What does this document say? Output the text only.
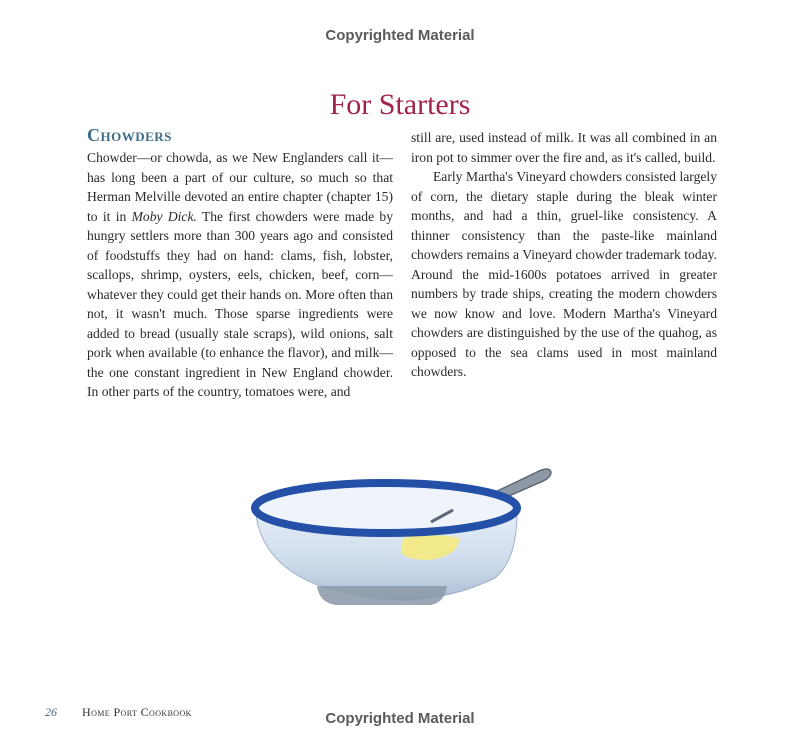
Copyrighted Material
For Starters
Chowders

Chowder—or chowda, as we New Englanders call it—has long been a part of our culture, so much so that Herman Melville devoted an entire chapter (chapter 15) to it in Moby Dick. The first chowders were made by hungry settlers more than 300 years ago and consisted of foodstuffs they had on hand: clams, fish, lobster, scallops, shrimp, oysters, eels, chicken, beef, corn—whatever they could get their hands on. More often than not, it wasn't much. Those sparse ingredients were added to bread (usually stale scraps), wild onions, salt pork when available (to enhance the flavor), and milk—the one constant ingredient in New England chowder. In other parts of the country, tomatoes were, and

still are, used instead of milk. It was all combined in an iron pot to simmer over the fire and, as it's called, build.

Early Martha's Vineyard chowders consisted largely of corn, the dietary staple during the bleak winter months, and had a thin, gruel-like consistency. A thinner consistency than the paste-like mainland chowders remains a Vineyard chowder trademark today. Around the mid-1600s potatoes arrived in greater numbers by trade ships, creating the modern chowders we now know and love. Modern Martha's Vineyard chowders are distinguished by the use of the quahog, as opposed to the sea clams used in most mainland chowders.

26 Home Port Cookbook	Copyrighted Material
